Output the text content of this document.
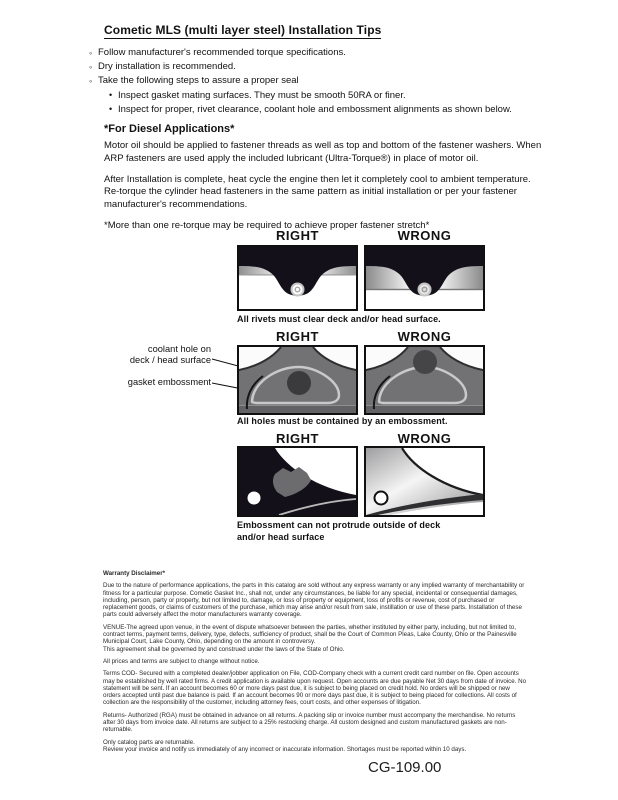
Cometic MLS (multi layer steel) Installation Tips
◦ Follow manufacturer's recommended torque specifications.
◦ Dry installation is recommended.
◦ Take the following steps to assure a proper seal
• Inspect gasket mating surfaces. They must be smooth 50RA or finer.
• Inspect for proper, rivet clearance, coolant hole and embossment alignments as shown below.
*For Diesel Applications*
Motor oil should be applied to fastener threads as well as top and bottom of the fastener washers. When ARP fasteners are used apply the included lubricant (Ultra-Torque®) in place of motor oil.
After Installation is complete, heat cycle the engine then let it completely cool to ambient temperature. Re-torque the cylinder head fasteners in the same pattern as initial installation or per your fastener manufacturer's recommendations.
*More than one re-torque may be required to achieve proper fastener stretch*
RIGHT	WRONG
All rivets must clear deck and/or head surface.
RIGHT	WRONG
coolant hole on
deck / head surface
gasket embossment
All holes must be contained by an embossment.
RIGHT	WRONG
Embossment can not protrude outside of deck
and/or head surface
Warranty Disclaimer*
Due to the nature of performance applications, the parts in this catalog are sold without any express warranty or any implied warranty of merchantability or fitness for a particular purpose. Cometic Gasket Inc., shall not, under any circumstances, be liable for any special, incidental or consequential damages, including, person, party or property, but not limited to, damage, or loss of property or equipment, loss of profits or revenue, cost of purchased or replacement goods, or claims of customers of the purchase, which may arise and/or result from sale, instillation or use of these parts. Installation of these parts could adversely affect the motor manufacturers warranty coverage.
VENUE-The agreed upon venue, in the event of dispute whatsoever between the parties, whether instituted by either party, including, but not limited to, contract terms, payment terms, delivery, type, defects, sufficiency of product, shall be the Court of Common Pleas, Lake County, Ohio or the Painesville Municipal Court, Lake County, Ohio, depending on the amount in controversy.
This agreement shall be governed by and construed under the laws of the State of Ohio.
All prices and terms are subject to change without notice.
Terms COD- Secured with a completed dealer/jobber application on File, COD-Company check with a current credit card number on file. Open accounts may be established by well rated firms. A credit application is available upon request. Open accounts are due payable Net 30 days from date of invoice. No statement will be sent. If an account becomes 60 or more days past due, it is subject to being placed on credit hold. No orders will be shipped or new orders accepted until past due balance is paid. If an account becomes 90 or more days past due, it is subject to being placed for collections. All costs of collection are the responsibility of the customer, including attorney fees, court costs, and other expenses of litigation.
Returns- Authorized (RGA) must be obtained in advance on all returns. A packing slip or invoice number must accompany the merchandise. No returns after 30 days from invoice date. All returns are subject to a 25% restocking charge. All custom designed and custom manufactured gaskets are non-returnable.
Only catalog parts are returnable.
Review your invoice and notify us immediately of any incorrect or inaccurate information. Shortages must be reported within 10 days.
CG-109.00
